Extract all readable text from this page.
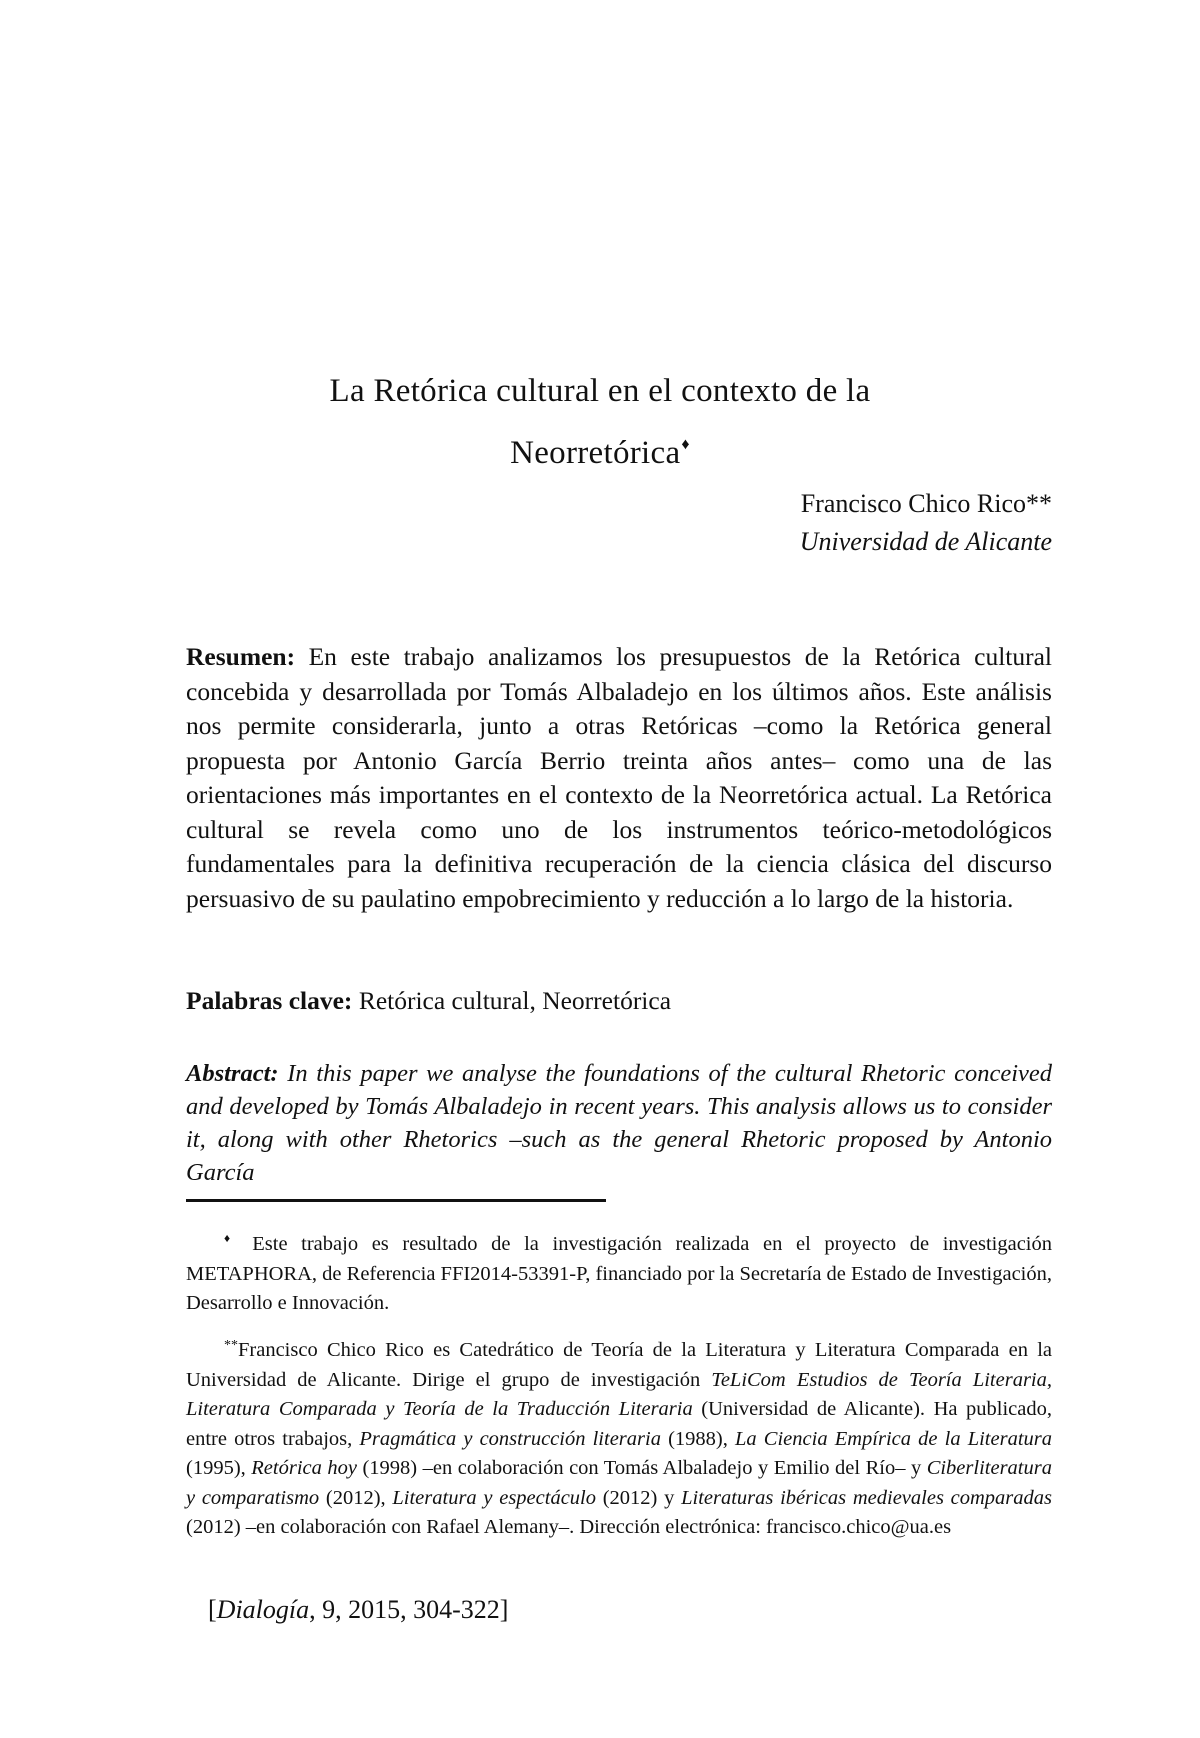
La Retórica cultural en el contexto de la
Neorretórica♦
Francisco Chico Rico**
Universidad de Alicante

Resumen: En este trabajo analizamos los presupuestos de la Retórica cultural concebida y desarrollada por Tomás Albaladejo en los últimos años. Este análisis nos permite considerarla, junto a otras Retóricas –como la Retórica general propuesta por Antonio García Berrio treinta años antes– como una de las orientaciones más importantes en el contexto de la Neorretórica actual. La Retórica cultural se revela como uno de los instrumentos teórico-metodológicos fundamentales para la definitiva recuperación de la ciencia clásica del discurso persuasivo de su paulatino empobrecimiento y reducción a lo largo de la historia.

Palabras clave: Retórica cultural, Neorretórica

Abstract: In this paper we analyse the foundations of the cultural Rhetoric conceived and developed by Tomás Albaladejo in recent years. This analysis allows us to consider it, along with other Rhetorics –such as the general Rhetoric proposed by Antonio García

♦ Este trabajo es resultado de la investigación realizada en el proyecto de investigación METAPHORA, de Referencia FFI2014-53391-P, financiado por la Secretaría de Estado de Investigación, Desarrollo e Innovación.

**Francisco Chico Rico es Catedrático de Teoría de la Literatura y Literatura Comparada en la Universidad de Alicante. Dirige el grupo de investigación TeLiCom Estudios de Teoría Literaria, Literatura Comparada y Teoría de la Traducción Literaria (Universidad de Alicante). Ha publicado, entre otros trabajos, Pragmática y construcción literaria (1988), La Ciencia Empírica de la Literatura (1995), Retórica hoy (1998) –en colaboración con Tomás Albaladejo y Emilio del Río– y Ciberliteratura y comparatismo (2012), Literatura y espectáculo (2012) y Literaturas ibéricas medievales comparadas (2012) –en colaboración con Rafael Alemany–. Dirección electrónica: francisco.chico@ua.es

[Dialogía, 9, 2015, 304-322]
